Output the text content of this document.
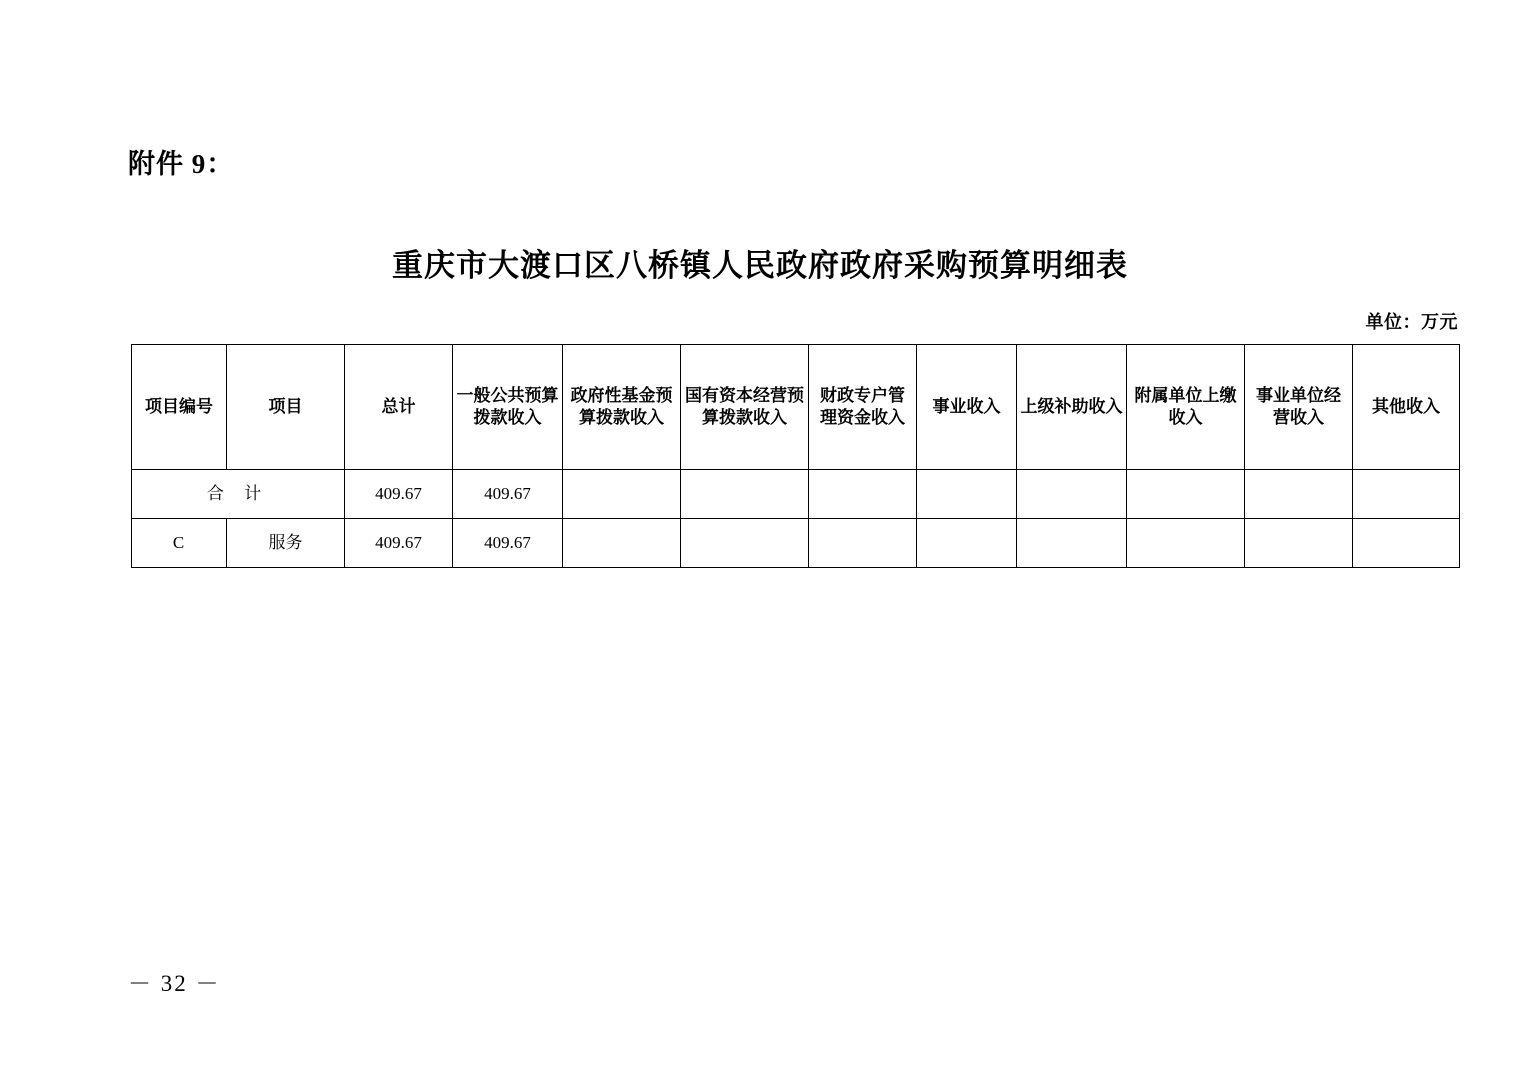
附件 9：
重庆市大渡口区八桥镇人民政府政府采购预算明细表
单位：万元
项目编号	项目	总计	一般公共预算拨款收入	政府性基金预算拨款收入	国有资本经营预算拨款收入	财政专户管理资金收入	事业收入	上级补助收入	附属单位上缴收入	事业单位经营收入	其他收入
合 计		409.67	409.67								
C	服务	409.67	409.67								
－ 32 －
